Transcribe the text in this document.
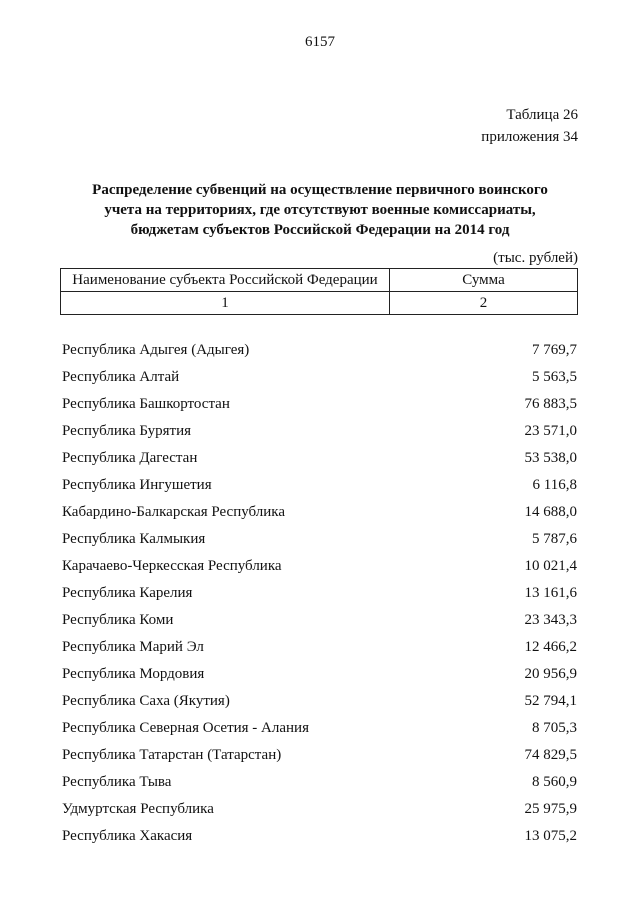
6157
Таблица 26
приложения 34
Распределение субвенций на осуществление первичного воинского
учета на территориях, где отсутствуют военные комиссариаты,
бюджетам субъектов Российской Федерации на 2014 год
(тыс. рублей)
Наименование субъекта Российской Федерации	Сумма
1	2
Республика Адыгея (Адыгея)	7 769,7
Республика Алтай	5 563,5
Республика Башкортостан	76 883,5
Республика Бурятия	23 571,0
Республика Дагестан	53 538,0
Республика Ингушетия	6 116,8
Кабардино-Балкарская Республика	14 688,0
Республика Калмыкия	5 787,6
Карачаево-Черкесская Республика	10 021,4
Республика Карелия	13 161,6
Республика Коми	23 343,3
Республика Марий Эл	12 466,2
Республика Мордовия	20 956,9
Республика Саха (Якутия)	52 794,1
Республика Северная Осетия - Алания	8 705,3
Республика Татарстан (Татарстан)	74 829,5
Республика Тыва	8 560,9
Удмуртская Республика	25 975,9
Республика Хакасия	13 075,2
